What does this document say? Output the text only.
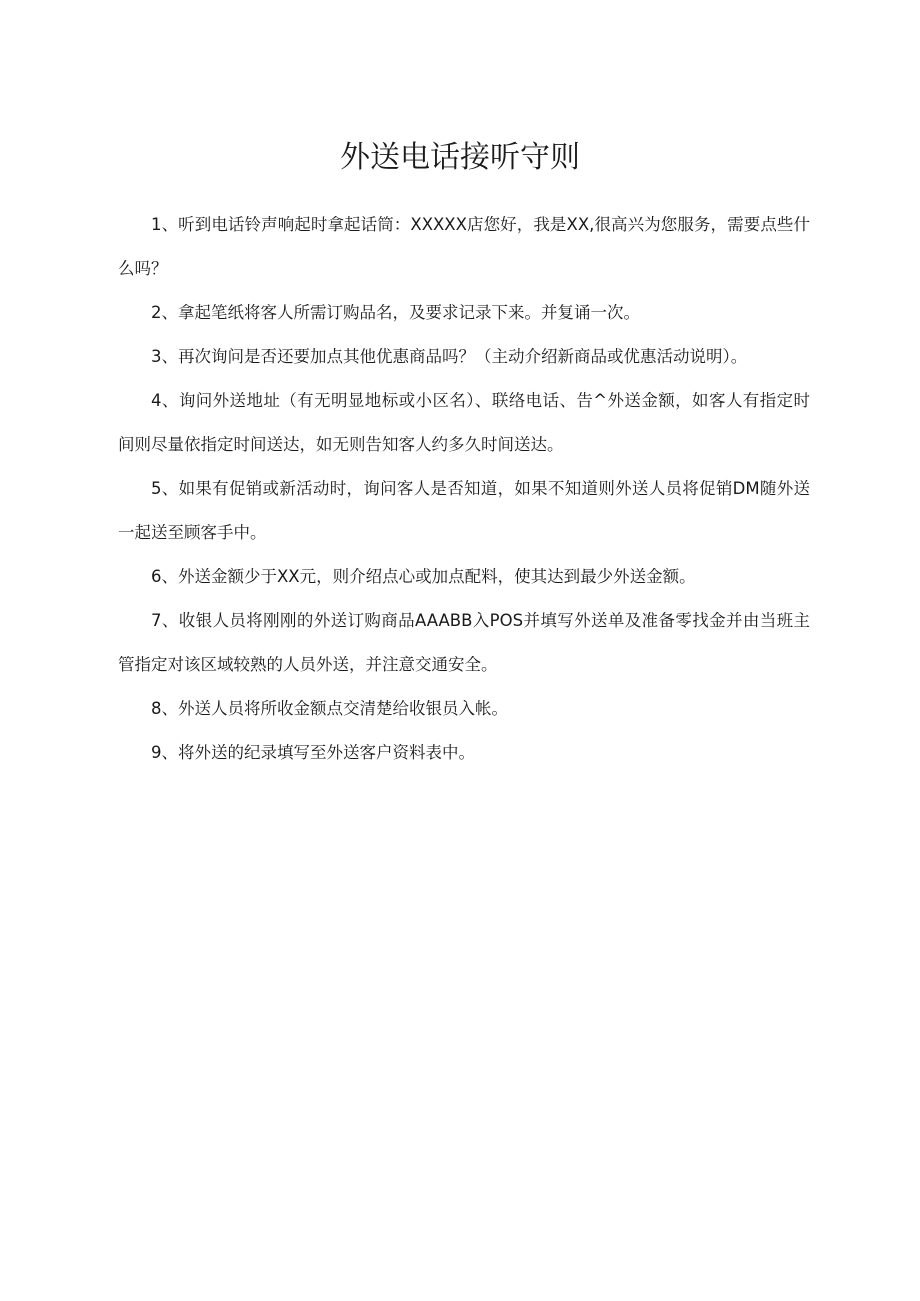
外送电话接听守则

1、听到电话铃声响起时拿起话筒：XXXXX店您好，我是XX,很高兴为您服务，需要点些什么吗？

2、拿起笔纸将客人所需订购品名，及要求记录下来。并复诵一次。

3、再次询问是否还要加点其他优惠商品吗？（主动介绍新商品或优惠活动说明）。

4、询问外送地址（有无明显地标或小区名）、联络电话、告^外送金额，如客人有指定时间则尽量依指定时间送达，如无则告知客人约多久时间送达。

5、如果有促销或新活动时，询问客人是否知道，如果不知道则外送人员将促销DM随外送一起送至顾客手中。

6、外送金额少于XX元，则介绍点心或加点配料，使其达到最少外送金额。

7、收银人员将刚刚的外送订购商品AAABB入POS并填写外送单及准备零找金并由当班主管指定对该区域较熟的人员外送，并注意交通安全。

8、外送人员将所收金额点交清楚给收银员入帐。

9、将外送的纪录填写至外送客户资料表中。
